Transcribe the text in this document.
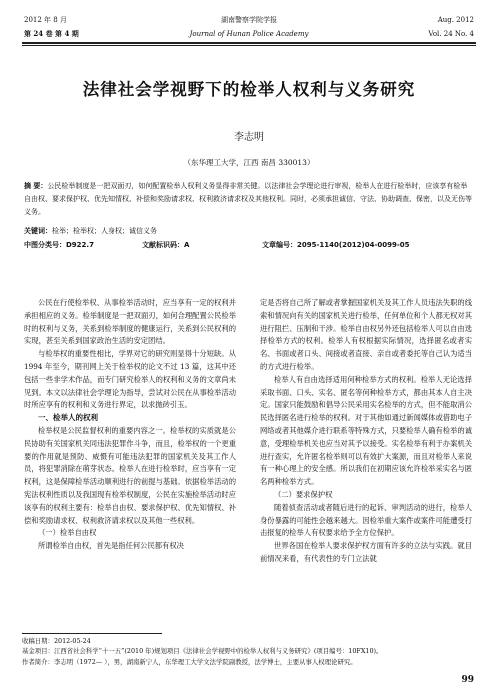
2012 年 8 月
第 24 卷 第 4 期
湖南警察学院学报
Journal of Hunan Police Academy
Aug. 2012
Vol. 24 No. 4
法律社会学视野下的检举人权利与义务研究
李志明
（东华理工大学，江西 南昌 330013）
摘 要：公民检举制度是一把双面刃，如何配置检举人权利义务显得非常关键。以法律社会学理论进行审视，检举人在进行检举时，应该享有检举自由权、要求保护权、优先知情权、补偿和奖励请求权、权利救济请求权及其他权利。同时，必须承担诚信、守法、协助调查、保密，以及无伤等义务。
关键词：检举；检举权；人身权；诚信义务
中图分类号：D922.7	文献标识码：A	文章编号：2095-1140(2012)04-0099-05

公民在行使检举权、从事检举活动时，应当享有一定的权利并承担相应的义务。检举制度是一把双面刃，如何合理配置公民检举时的权利与义务，关系到检举制度的健康运行，关系到公民权利的实现，甚至关系到国家政治生活的安定团结。

与检举权的重要性相比，学界对它的研究则显得十分短缺。从 1994 年至今，期刊网上关于检举权的论文不过 13 篇，这其中还包括一些非学术作品，而专门研究检举人的权利和义务的文章尚未见到。本文以法律社会学理论为指导，尝试对公民在从事检举活动时所应享有的权利和义务进行界定，以求抛砖引玉。

一、检举人的权利

检举权是公民监督权利的重要内容之一。检举权的实质就是公民协助有关国家机关同违法犯罪作斗争，而且，检举权的一个更重要的作用就是预防、威慑有可能违法犯罪的国家机关及其工作人员，将犯罪消除在萌芽状态。检举人在进行检举时，应当享有一定权利，这是保障检举活动顺利进行的前提与基础。依据检举活动的宪法权利性质以及我国现有检举权制度，公民在实施检举活动时应该享有的权利主要有：检举自由权、要求保护权、优先知情权、补偿和奖励请求权、权利救济请求权以及其他一些权利。

（一）检举自由权

所谓检举自由权，首先是指任何公民都有权决

定是否将自己所了解或者掌握国家机关及其工作人员违法失职的线索和情况向有关的国家机关进行检举，任何单位和个人都无权对其进行阻拦、压制和干涉。检举自由权另外还包括检举人可以自由选择检举方式的权利。检举人有权根据实际情况，选择匿名或者实名、书面或者口头、间接或者直接、亲自或者委托等自己认为适当的方式进行检举。

检举人有自由选择适用何种检举方式的权利。检举人无论选择采取书面、口头、实名、匿名等何种检举方式，都由其本人自主决定。国家只能鼓励和倡导公民采用实名检举的方式，但不能取消公民选择匿名进行检举的权利。对于其他如通过新闻媒体或借助电子网络或者其他媒介进行联系等特殊方式，只要检举人确有检举的诚意，受理检举机关也应当对其予以接受。实名检举有利于办案机关进行查实，允许匿名检举则可以有效扩大案源，而且对检举人来说有一种心理上的安全感。所以我们在初期应该允许检举采实名与匿名两种检举方式。

（二）要求保护权

随着侦查活动或者随后进行的起诉、审判活动的进行，检举人身份暴露的可能性会越来越大。因检举重大案件或案件可能遭受打击报复的检举人有权要求给予全方位保护。

世界各国在检举人要求保护权方面有许多的立法与实践。就目前情况来看，有代表性的专门立法就

收稿日期：2012-05-24
基金项目：江西省社会科学“十一五”(2010 年)规划项目《法律社会学视野中的检举人权利与义务研究》(项目编号：10FX10)。
作者简介：李志明（1972— ），男，湖南新宁人，东华理工大学文法学院副教授，法学博士，主要从事人权理论研究。
99
